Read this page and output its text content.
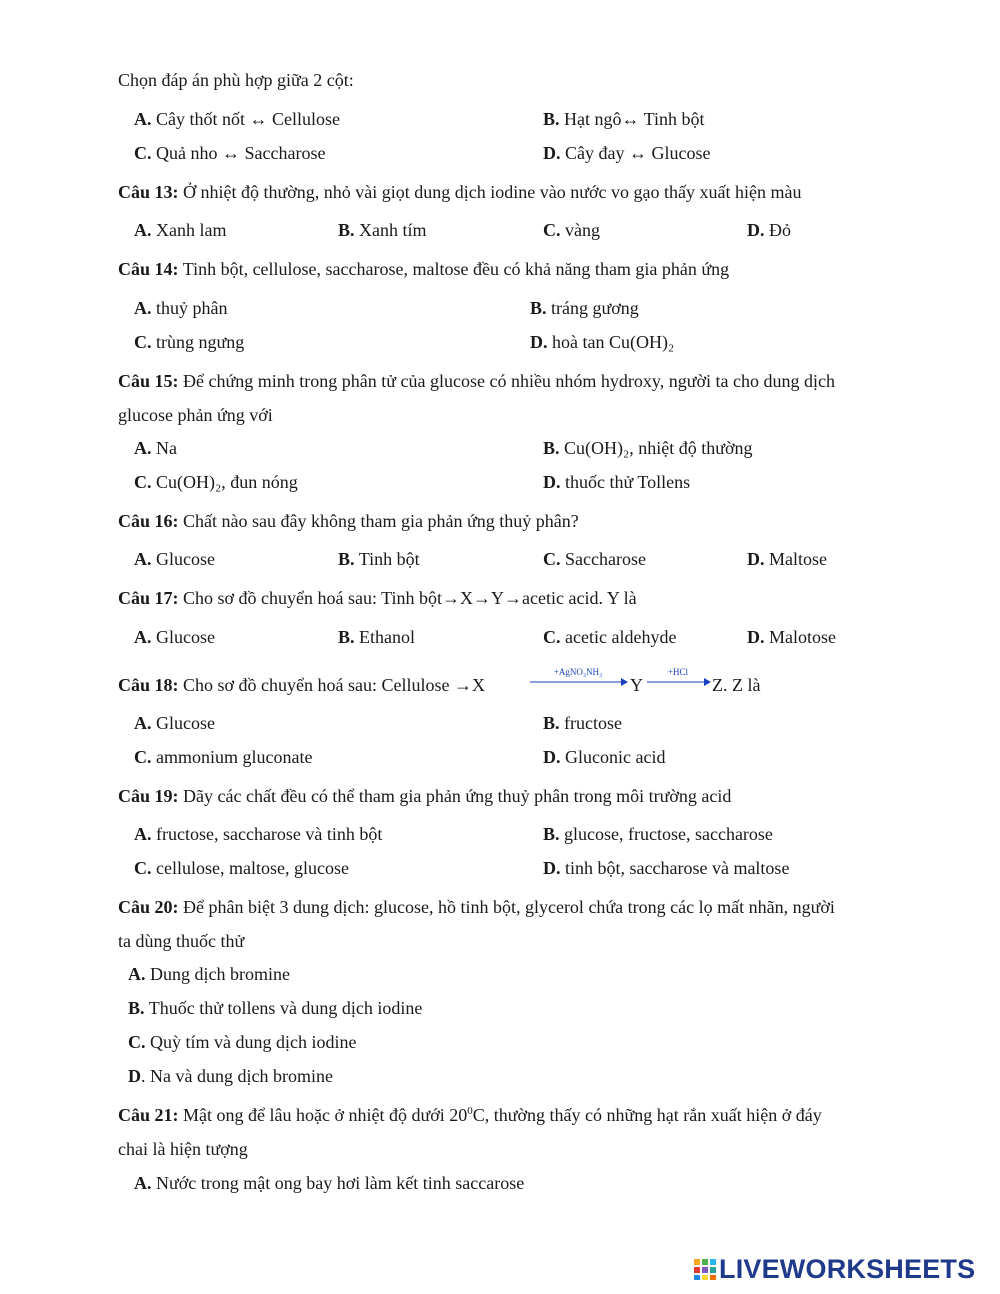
Chọn đáp án phù hợp giữa 2 cột:
A. Cây thốt nốt ↔ Cellulose	B. Hạt ngô↔ Tinh bột
C. Quả nho ↔ Saccharose	D. Cây đay ↔ Glucose
Câu 13: Ở nhiệt độ thường, nhỏ vài giọt dung dịch iodine vào nước vo gạo thấy xuất hiện màu
A. Xanh lam	B. Xanh tím	C. vàng	D. Đỏ
Câu 14: Tinh bột, cellulose, saccharose, maltose đều có khả năng tham gia phản ứng
A. thuỷ phân	B. tráng gương
C. trùng ngưng	D. hoà tan Cu(OH)₂
Câu 15: Để chứng minh trong phân tử của glucose có nhiều nhóm hydroxy, người ta cho dung dịch
glucose phản ứng với
A. Na	B. Cu(OH)₂, nhiệt độ thường
C. Cu(OH)₂, đun nóng	D. thuốc thử Tollens
Câu 16: Chất nào sau đây không tham gia phản ứng thuỷ phân?
A. Glucose	B. Tinh bột	C. Saccharose	D. Maltose
Câu 17: Cho sơ đồ chuyển hoá sau: Tinh bột→X→Y→acetic acid. Y là
A. Glucose	B. Ethanol	C. acetic aldehyde	D. Malotose
Câu 18: Cho sơ đồ chuyển hoá sau: Cellulose →X
+AgNO₃NH₃
Y
+HCl
Z. Z là
A. Glucose	B. fructose
C. ammonium gluconate	D. Gluconic acid
Câu 19: Dãy các chất đều có thể tham gia phản ứng thuỷ phân trong môi trường acid
A. fructose, saccharose và tinh bột	B. glucose, fructose, saccharose
C. cellulose, maltose, glucose	D. tinh bột, saccharose và maltose
Câu 20: Để phân biệt 3 dung dịch: glucose, hồ tinh bột, glycerol chứa trong các lọ mất nhãn, người
ta dùng thuốc thử
A. Dung dịch bromine
B. Thuốc thử tollens và dung dịch iodine
C. Quỳ tím và dung dịch iodine
D. Na và dung dịch bromine
Câu 21: Mật ong để lâu hoặc ở nhiệt độ dưới $20^0C$, thường thấy có những hạt rắn xuất hiện ở đáy
chai là hiện tượng
A. Nước trong mật ong bay hơi làm kết tinh saccarose
LIVEWORKSHEETS
